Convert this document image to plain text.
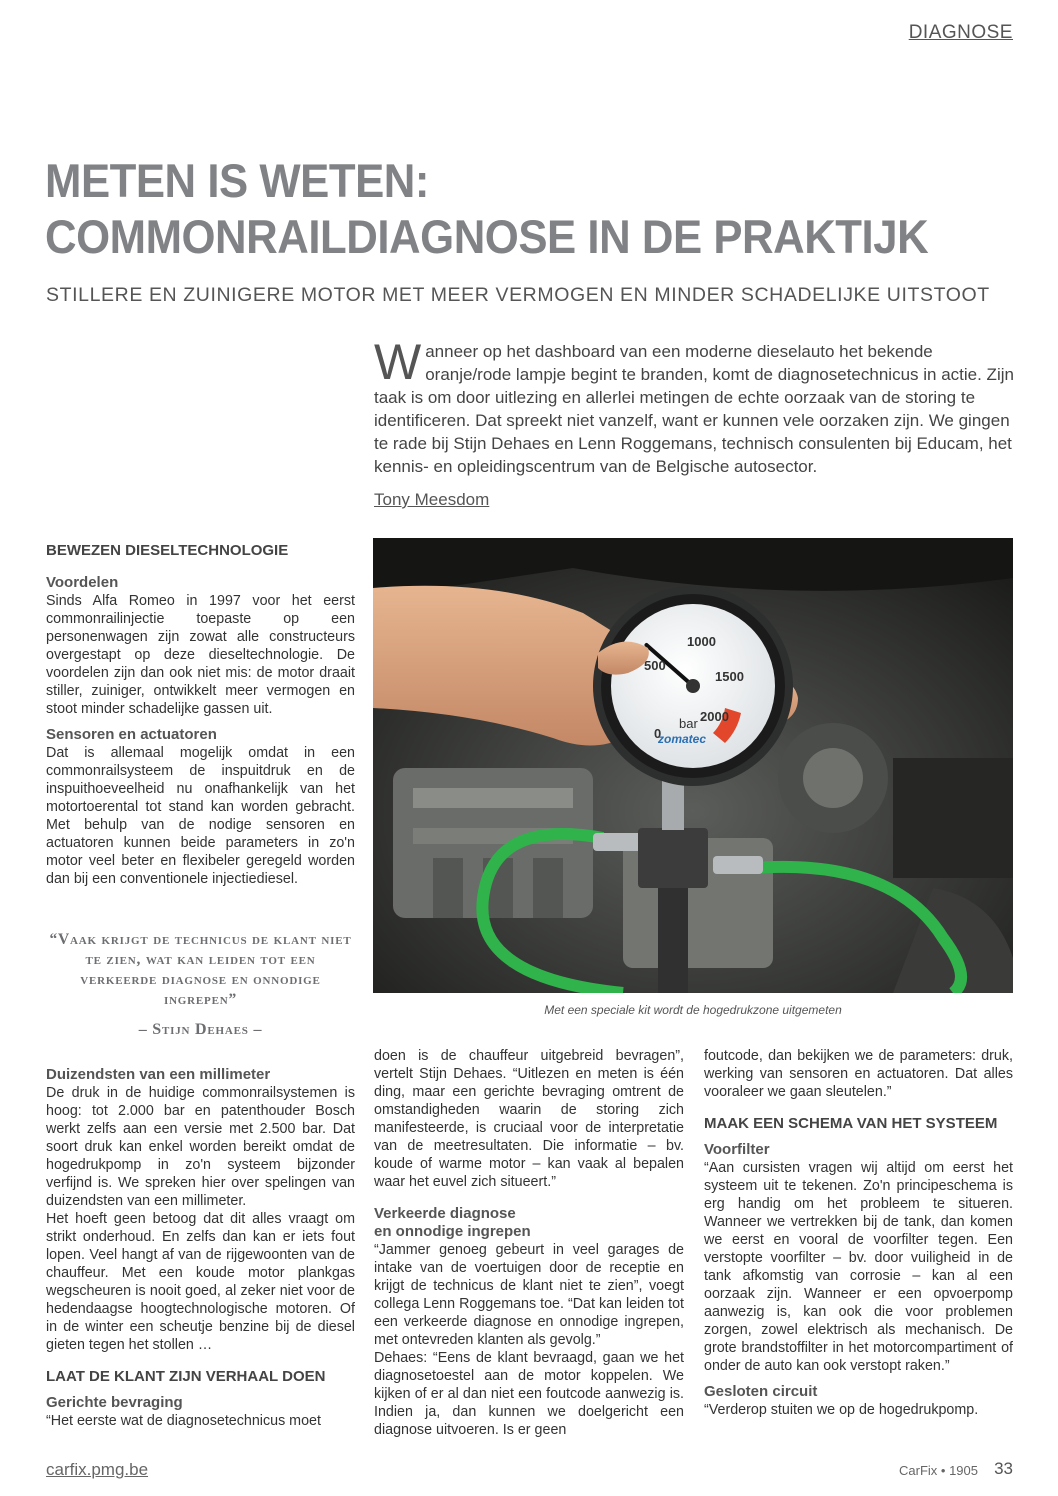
DIAGNOSE
METEN IS WETEN:
COMMONRAILDIAGNOSE IN DE PRAKTIJK
STILLERE EN ZUINIGERE MOTOR MET MEER VERMOGEN EN MINDER SCHADELIJKE UITSTOOT

Wanneer op het dashboard van een moderne dieselauto het bekende oranje/rode lampje begint te branden, komt de diagnosetechnicus in actie. Zijn taak is om door uitlezing en allerlei metingen de echte oorzaak van de storing te identificeren. Dat spreekt niet vanzelf, want er kunnen vele oorzaken zijn. We gingen te rade bij Stijn Dehaes en Lenn Roggemans, technisch consulenten bij Educam, het kennis- en opleidingscentrum van de Belgische autosector.

Tony Meesdom
BEWEZEN DIESELTECHNOLOGIE
Voordelen

Sinds Alfa Romeo in 1997 voor het eerst commonrailinjectie toepaste op een personenwagen zijn zowat alle constructeurs overgestapt op deze dieseltechnologie. De voordelen zijn dan ook niet mis: de motor draait stiller, zuiniger, ontwikkelt meer vermogen en stoot minder schadelijke gassen uit.

Sensoren en actuatoren

Dat is allemaal mogelijk omdat in een commonrailsysteem de inspuitdruk en de inspuithoeveelheid nu onafhankelijk van het motortoerental tot stand kan worden gebracht. Met behulp van de nodige sensoren en actuatoren kunnen beide parameters in zo'n motor veel beter en flexibeler geregeld worden dan bij een conventionele injectiediesel.

“Vaak krijgt de technicus de klant niet te zien, wat kan leiden tot een verkeerde diagnose en onnodige ingrepen”
– Stijn Dehaes –
Duizendsten van een millimeter

De druk in de huidige commonrailsystemen is hoog: tot 2.000 bar en patenthouder Bosch werkt zelfs aan een versie met 2.500 bar. Dat soort druk kan enkel worden bereikt omdat de hogedrukpomp in zo'n systeem bijzonder verfijnd is. We spreken hier over spelingen van duizendsten van een millimeter.

Het hoeft geen betoog dat dit alles vraagt om strikt onderhoud. En zelfs dan kan er iets fout lopen. Veel hangt af van de rijgewoonten van de chauffeur. Met een koude motor plankgas wegscheuren is nooit goed, al zeker niet voor de hedendaagse hoogtechnologische motoren. Of in de winter een scheutje benzine bij de diesel gieten tegen het stollen …

LAAT DE KLANT ZIJN VERHAAL DOEN
Gerichte bevraging

“Het eerste wat de diagnosetechnicus moet

doen is de chauffeur uitgebreid bevragen”, vertelt Stijn Dehaes. “Uitlezen en meten is één ding, maar een gerichte bevraging omtrent de omstandigheden waarin de storing zich manifesteerde, is cruciaal voor de interpretatie van de meetresultaten. Die informatie – bv. koude of warme motor – kan vaak al bepalen waar het euvel zich situeert.”

Verkeerde diagnose
en onnodige ingrepen

“Jammer genoeg gebeurt in veel garages de intake van de voertuigen door de receptie en krijgt de technicus de klant niet te zien”, voegt collega Lenn Roggemans toe. “Dat kan leiden tot een verkeerde diagnose en onnodige ingrepen, met ontevreden klanten als gevolg.”

Dehaes: “Eens de klant bevraagd, gaan we het diagnosetoestel aan de motor koppelen. We kijken of er al dan niet een foutcode aanwezig is. Indien ja, dan kunnen we doelgericht een diagnose uitvoeren. Is er geen

foutcode, dan bekijken we de parameters: druk, werking van sensoren en actuatoren. Dat alles vooraleer we gaan sleutelen.”

MAAK EEN SCHEMA VAN HET SYSTEEM
Voorfilter

“Aan cursisten vragen wij altijd om eerst het systeem uit te tekenen. Zo'n principeschema is erg handig om het probleem te situeren. Wanneer we vertrekken bij de tank, dan komen we eerst en vooral de voorfilter tegen. Een verstopte voorfilter – bv. door vuiligheid in de tank afkomstig van corrosie – kan al een oorzaak zijn. Wanneer er een opvoerpomp aanwezig is, kan ook die voor problemen zorgen, zowel elektrisch als mechanisch. De grote brandstoffilter in het motorcompartiment of onder de auto kan ook verstopt raken.”

Gesloten circuit

“Verderop stuiten we op de hogedrukpomp.

0
500
1000
1500
2000
bar
zomatec
Met een speciale kit wordt de hogedrukzone uitgemeten
carfix.pmg.be	CarFix • 1905 33
